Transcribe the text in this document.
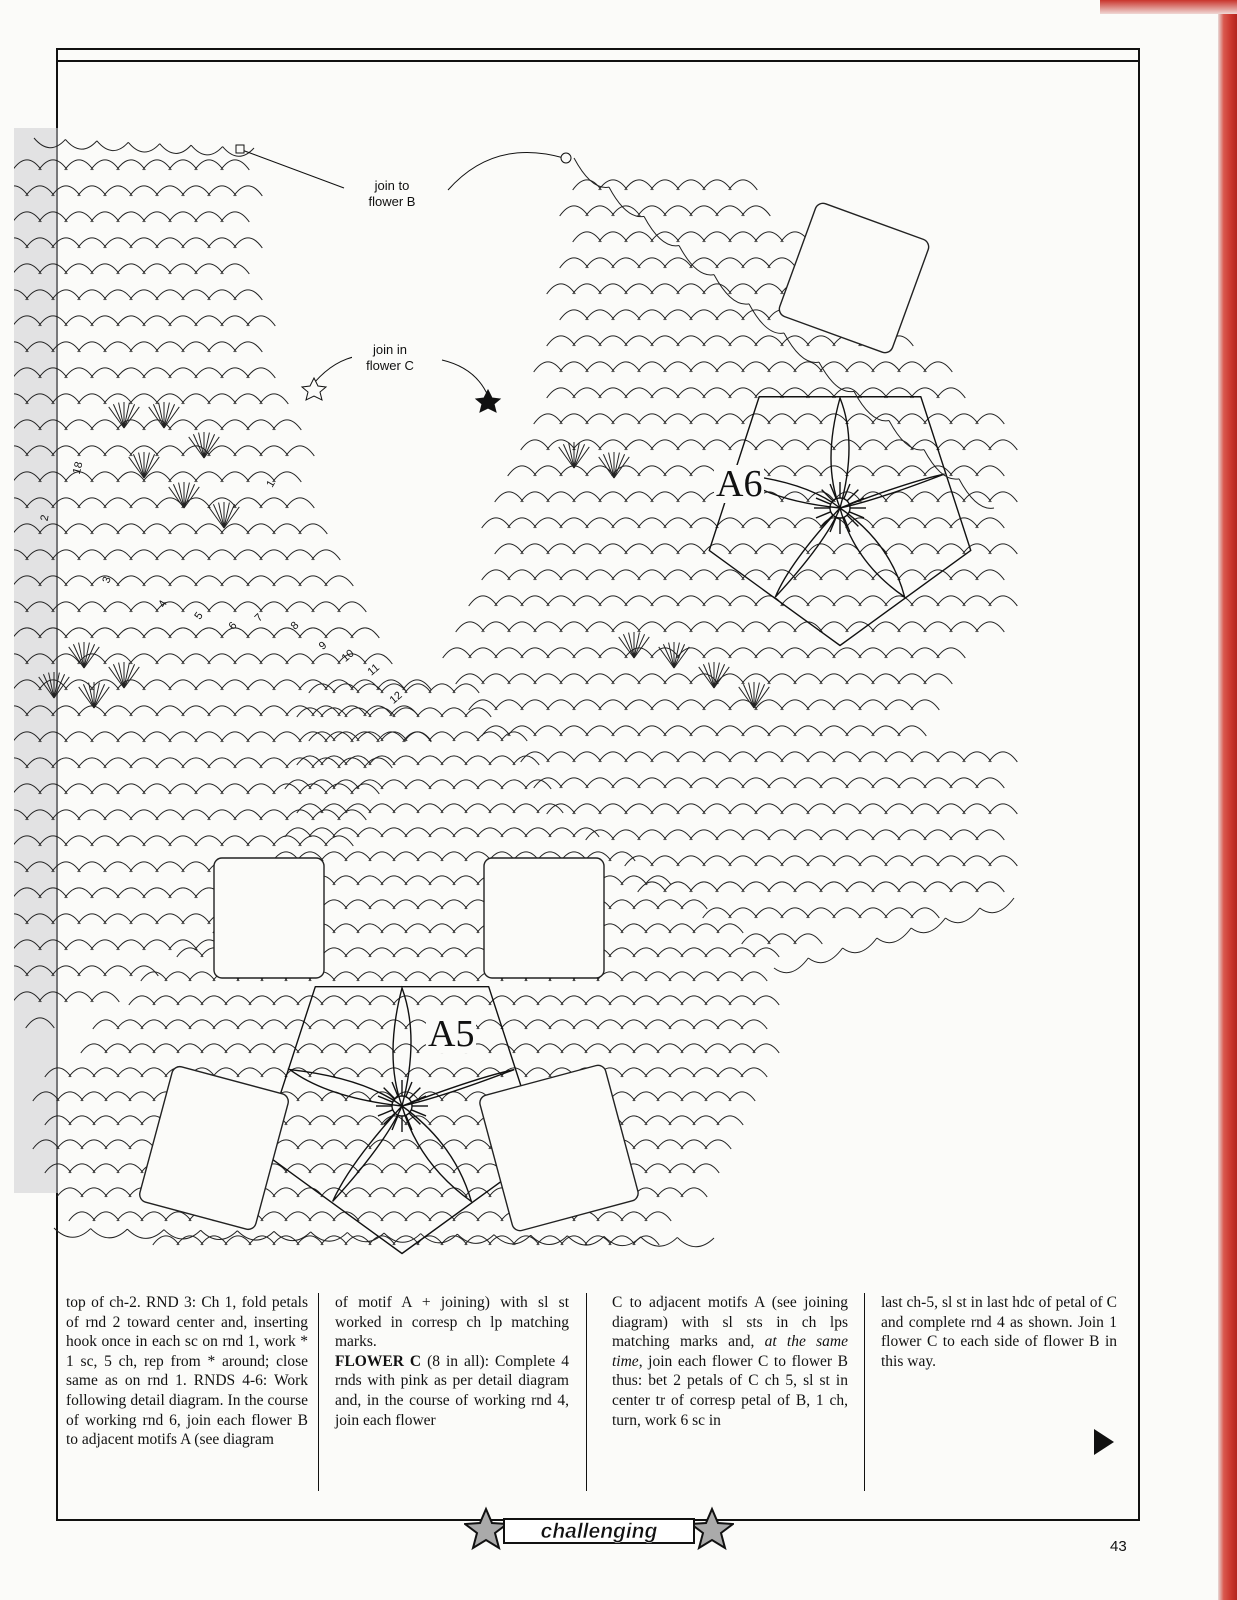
join to
flower B
join in
flower C
A6
A5
1
2
3
4
5
6
7
8
9
10
11
12
18

top of ch-2. RND 3: Ch 1, fold petals of rnd 2 toward center and, inserting hook once in each sc on rnd 1, work * 1 sc, 5 ch, rep from * around; close same as on rnd 1. RNDS 4-6: Work following detail diagram. In the course of working rnd 6, join each flower B to adjacent motifs A (see diagram

of motif A + joining) with sl st worked in corresp ch lp matching marks.
FLOWER C (8 in all): Complete 4 rnds with pink as per detail diagram and, in the course of working rnd 4, join each flower

C to adjacent motifs A (see joining diagram) with sl sts in ch lps matching marks and, at the same time, join each flower C to flower B thus: bet 2 petals of C ch 5, sl st in center tr of corresp petal of B, 1 ch, turn, work 6 sc in

last ch-5, sl st in last hdc of petal of C and complete rnd 4 as shown. Join 1 flower C to each side of flower B in this way.

challenging
43
